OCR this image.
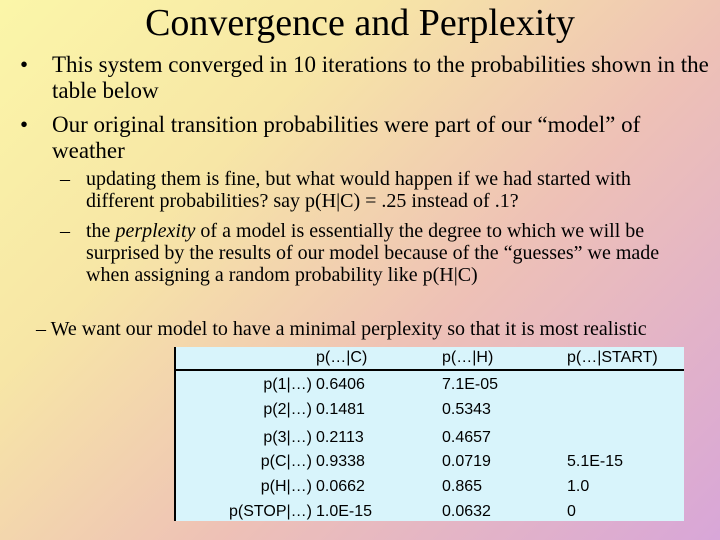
Convergence and Perplexity
• This system converged in 10 iterations to the probabilities shown in the table below
• Our original transition probabilities were part of our “model” of weather
– updating them is fine, but what would happen if we had started with different probabilities? say p(H|C) = .25 instead of .1?
– the perplexity of a model is essentially the degree to which we will be surprised by the results of our model because of the “guesses” we made when assigning a random probability like p(H|C)
– We want our model to have a minimal perplexity so that it is most realistic
p(…|C)	p(…|H)	p(…|START)
p(1|…) 0.6406	7.1E-05
p(2|…) 0.1481	0.5343
p(3|…) 0.2113	0.4657
p(C|…) 0.9338	0.0719	5.1E-15
p(H|…) 0.0662	0.865	1.0
p(STOP|…) 1.0E-15	0.0632	0
